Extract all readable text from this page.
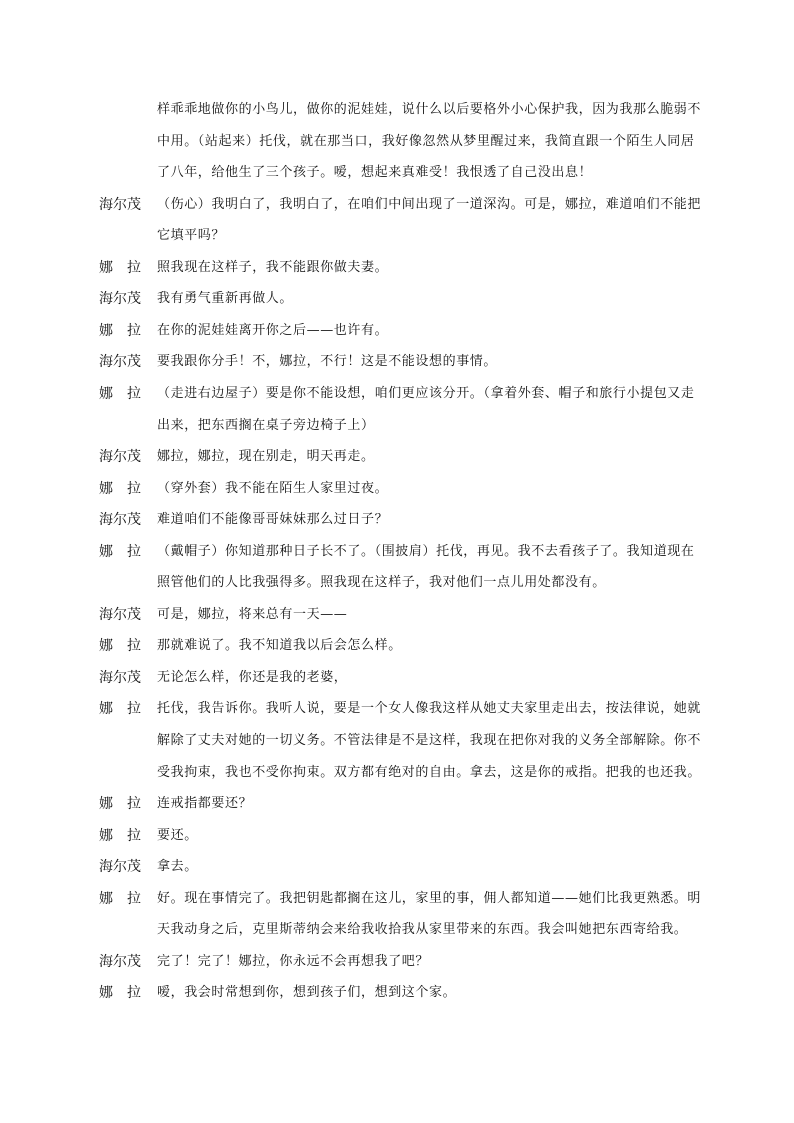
样乖乖地做你的小鸟儿，做你的泥娃娃，说什么以后要格外小心保护我，因为我那么脆弱不
中用。（站起来）托伐，就在那当口，我好像忽然从梦里醒过来，我简直跟一个陌生人同居
了八年，给他生了三个孩子。嗳，想起来真难受！我恨透了自己没出息！
海尔茂 （伤心）我明白了，我明白了，在咱们中间出现了一道深沟。可是，娜拉，难道咱们不能把
它填平吗？
娜拉 照我现在这样子，我不能跟你做夫妻。
海尔茂 我有勇气重新再做人。
娜拉 在你的泥娃娃离开你之后——也许有。
海尔茂 要我跟你分手！不，娜拉，不行！这是不能设想的事情。
娜拉 （走进右边屋子）要是你不能设想，咱们更应该分开。（拿着外套、帽子和旅行小提包又走
出来，把东西搁在桌子旁边椅子上）
海尔茂 娜拉，娜拉，现在别走，明天再走。
娜拉 （穿外套）我不能在陌生人家里过夜。
海尔茂 难道咱们不能像哥哥妹妹那么过日子？
娜拉 （戴帽子）你知道那种日子长不了。（围披肩）托伐，再见。我不去看孩子了。我知道现在
照管他们的人比我强得多。照我现在这样子，我对他们一点儿用处都没有。
海尔茂 可是，娜拉，将来总有一天——
娜拉 那就难说了。我不知道我以后会怎么样。
海尔茂 无论怎么样，你还是我的老婆，
娜拉 托伐，我告诉你。我听人说，要是一个女人像我这样从她丈夫家里走出去，按法律说，她就
解除了丈夫对她的一切义务。不管法律是不是这样，我现在把你对我的义务全部解除。你不
受我拘束，我也不受你拘束。双方都有绝对的自由。拿去，这是你的戒指。把我的也还我。
娜拉 连戒指都要还？
娜拉 要还。
海尔茂 拿去。
娜拉 好。现在事情完了。我把钥匙都搁在这儿，家里的事，佣人都知道——她们比我更熟悉。明
天我动身之后，克里斯蒂纳会来给我收拾我从家里带来的东西。我会叫她把东西寄给我。
海尔茂 完了！完了！娜拉，你永远不会再想我了吧？
娜拉 嗳，我会时常想到你，想到孩子们，想到这个家。
